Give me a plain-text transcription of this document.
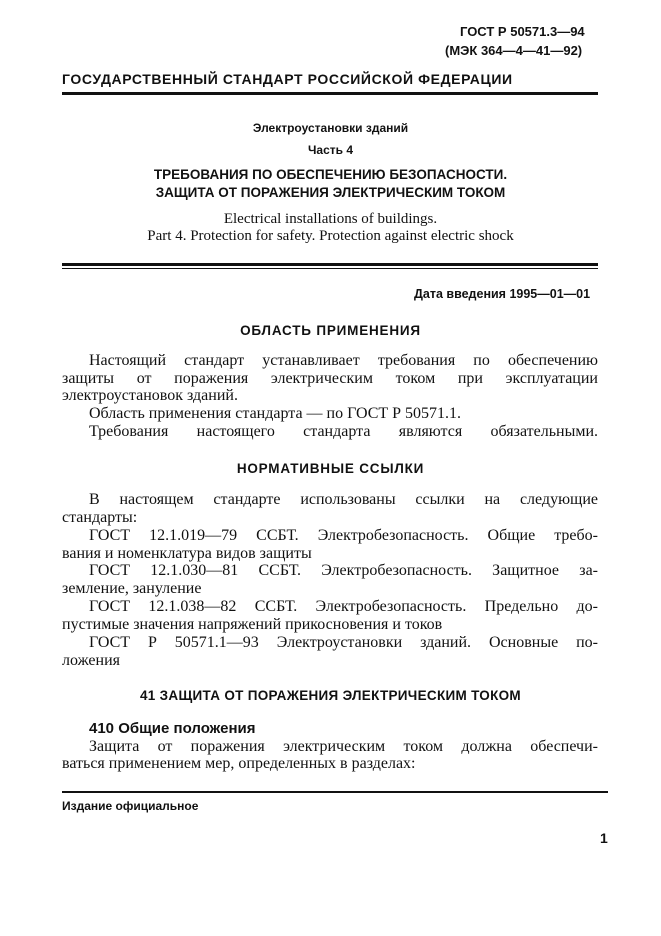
ГОСТ Р 50571.3—94
(МЭК 364—4—41—92)
ГОСУДАРСТВЕННЫЙ СТАНДАРТ РОССИЙСКОЙ ФЕДЕРАЦИИ
Электроустановки зданий
Часть 4
ТРЕБОВАНИЯ ПО ОБЕСПЕЧЕНИЮ БЕЗОПАСНОСТИ.
ЗАЩИТА ОТ ПОРАЖЕНИЯ ЭЛЕКТРИЧЕСКИМ ТОКОМ
Electrical installations of buildings.
Part 4. Protection for safety. Protection against electric shock
Дата введения 1995—01—01
ОБЛАСТЬ ПРИМЕНЕНИЯ

Настоящий стандарт устанавливает требования по обеспечению

защиты от поражения электрическим током при эксплуатации

электроустановок зданий.

Область применения стандарта — по ГОСТ Р 50571.1.

Требования настоящего стандарта являются обязательными.

НОРМАТИВНЫЕ ССЫЛКИ

В настоящем стандарте использованы ссылки на следующие

стандарты:

ГОСТ 12.1.019—79 ССБТ. Электробезопасность. Общие требо-

вания и номенклатура видов защиты

ГОСТ 12.1.030—81 ССБТ. Электробезопасность. Защитное за-

земление, зануление

ГОСТ 12.1.038—82 ССБТ. Электробезопасность. Предельно до-

пустимые значения напряжений прикосновения и токов

ГОСТ Р 50571.1—93 Электроустановки зданий. Основные по-

ложения

41 ЗАЩИТА ОТ ПОРАЖЕНИЯ ЭЛЕКТРИЧЕСКИМ ТОКОМ
410 Общие положения

Защита от поражения электрическим током должна обеспечи-

ваться применением мер, определенных в разделах:

Издание официальное
1
